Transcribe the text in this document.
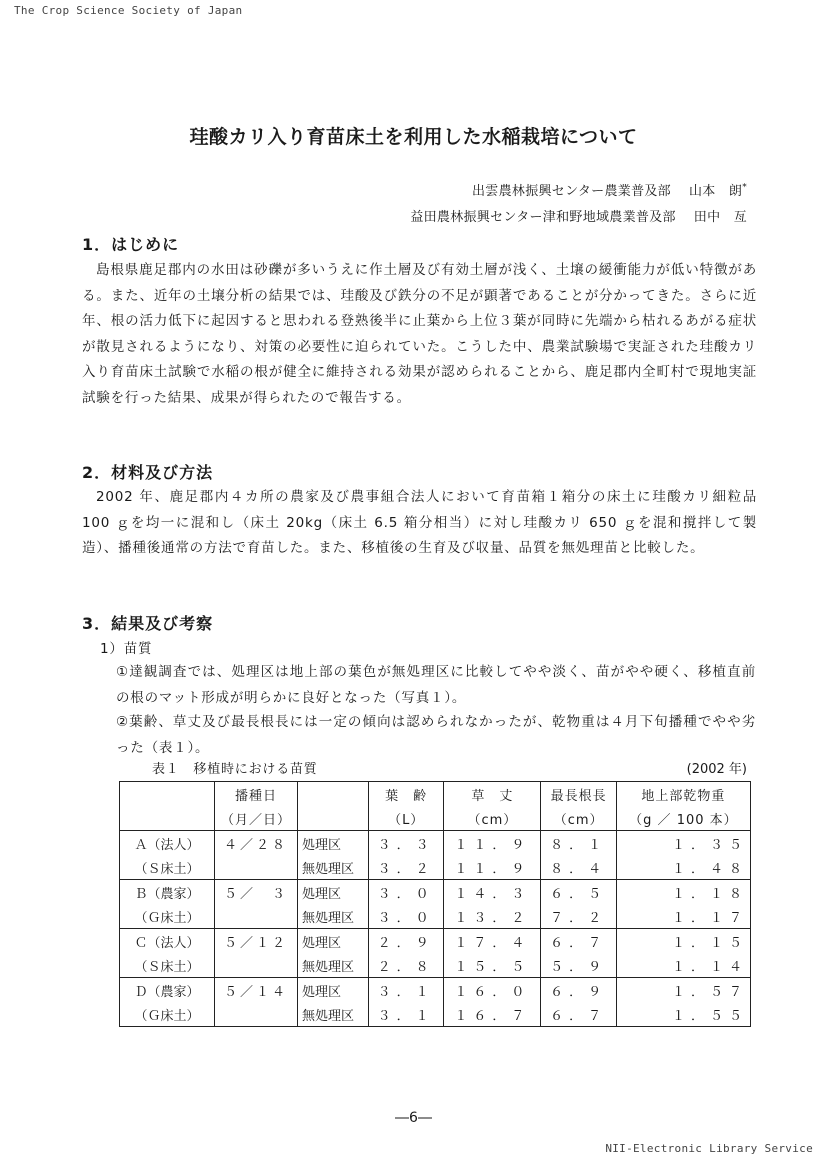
The Crop Science Society of Japan
珪酸カリ入り育苗床土を利用した水稲栽培について
出雲農林振興センター農業普及部 山本　朗*
益田農林振興センター津和野地域農業普及部 田中　亙
1．はじめに

島根県鹿足郡内の水田は砂礫が多いうえに作土層及び有効土層が浅く、土壌の緩衝能力が低い特徴がある。また、近年の土壌分析の結果では、珪酸及び鉄分の不足が顕著であることが分かってきた。さらに近年、根の活力低下に起因すると思われる登熟後半に止葉から上位３葉が同時に先端から枯れるあがる症状が散見されるようになり、対策の必要性に迫られていた。こうした中、農業試験場で実証された珪酸カリ入り育苗床土試験で水稲の根が健全に維持される効果が認められることから、鹿足郡内全町村で現地実証試験を行った結果、成果が得られたので報告する。

2．材料及び方法

2002 年、鹿足郡内４カ所の農家及び農事組合法人において育苗箱１箱分の床土に珪酸カリ細粒品 100 ｇを均一に混和し（床土 20kg（床土 6.5 箱分相当）に対し珪酸カリ 650 ｇを混和撹拌して製造）、播種後通常の方法で育苗した。また、移植後の生育及び収量、品質を無処理苗と比較した。

3．結果及び考察
1）苗質

①達観調査では、処理区は地上部の葉色が無処理区に比較してやや淡く、苗がやや硬く、移植直前の根のマット形成が明らかに良好となった（写真１）。

②葉齢、草丈及び最長根長には一定の傾向は認められなかったが、乾物重は４月下旬播種でやや劣った（表１）。

表１　移植時における苗質	(2002 年)
	播種日		葉　齢	草　丈	最長根長	地上部乾物重
	（月／日）		（L）	（cm）	（cm）	（g ／ 100 本）
Ａ（法人）	４／２８	処理区	３．３	１１．９	８．１	１．３５
（Ｓ床土）		無処理区	３．２	１１．９	８．４	１．４８
Ｂ（農家）	５／　３	処理区	３．０	１４．３	６．５	１．１８
（Ｇ床土）		無処理区	３．０	１３．２	７．２	１．１７
Ｃ（法人）	５／１２	処理区	２．９	１７．４	６．７	１．１５
（Ｓ床土）		無処理区	２．８	１５．５	５．９	１．１４
Ｄ（農家）	５／１４	処理区	３．１	１６．０	６．９	１．５７
（Ｇ床土）		無処理区	３．１	１６．７	６．７	１．５５
―6―
NII-Electronic Library Service
